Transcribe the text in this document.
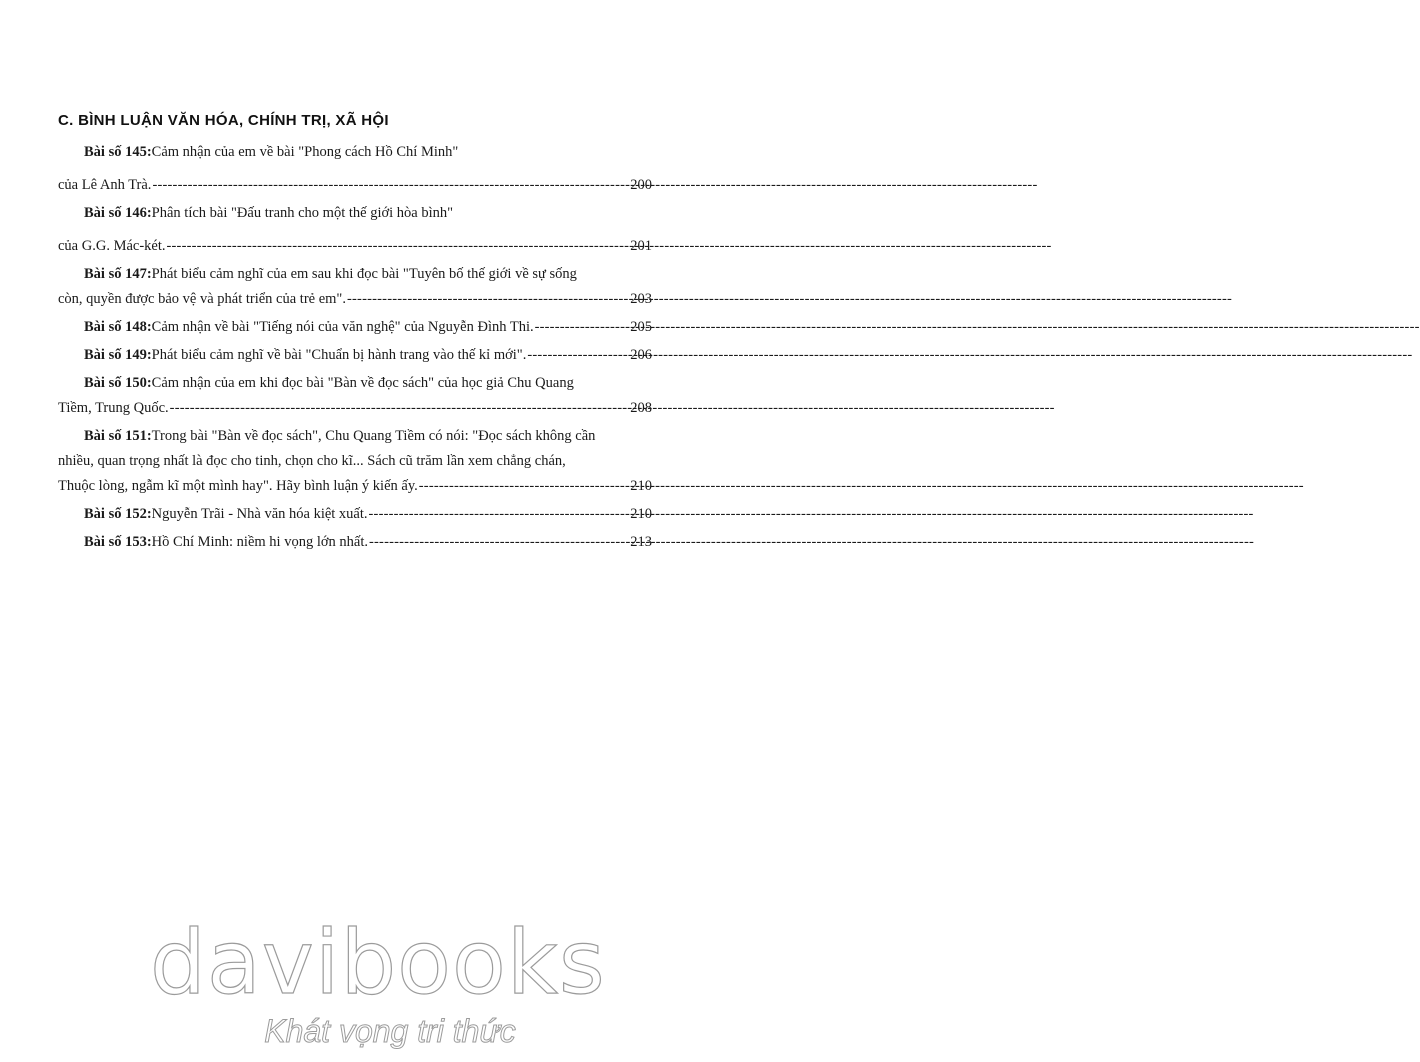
C. BÌNH LUẬN VĂN HÓA, CHÍNH TRỊ, XÃ HỘI
Bài số 145: Cảm nhận của em về bài "Phong cách Hồ Chí Minh"
của Lê Anh Trà. -----	200
Bài số 146: Phân tích bài "Đấu tranh cho một thế giới hòa bình"
của G.G. Mác-két. -----	201
Bài số 147: Phát biểu cảm nghĩ của em sau khi đọc bài "Tuyên bố thế giới về sự sống
còn, quyền được bảo vệ và phát triển của trẻ em". -----	203
Bài số 148: Cảm nhận về bài "Tiếng nói của văn nghệ" của Nguyễn Đình Thi. -----	205
Bài số 149: Phát biểu cảm nghĩ về bài "Chuẩn bị hành trang vào thế kỉ mới". -----	206
Bài số 150: Cảm nhận của em khi đọc bài "Bàn về đọc sách" của học giả Chu Quang
Tiềm, Trung Quốc. -----	208
Bài số 151: Trong bài "Bàn về đọc sách", Chu Quang Tiềm có nói: "Đọc sách không cần
nhiều, quan trọng nhất là đọc cho tinh, chọn cho kĩ... Sách cũ trăm lần xem chẳng chán,
Thuộc lòng, ngẫm kĩ một mình hay". Hãy bình luận ý kiến ấy. -----	210
Bài số 152: Nguyễn Trãi - Nhà văn hóa kiệt xuất. -----	210
Bài số 153: Hồ Chí Minh: niềm hi vọng lớn nhất. -----	213
davibooks
Khát vọng tri thức
